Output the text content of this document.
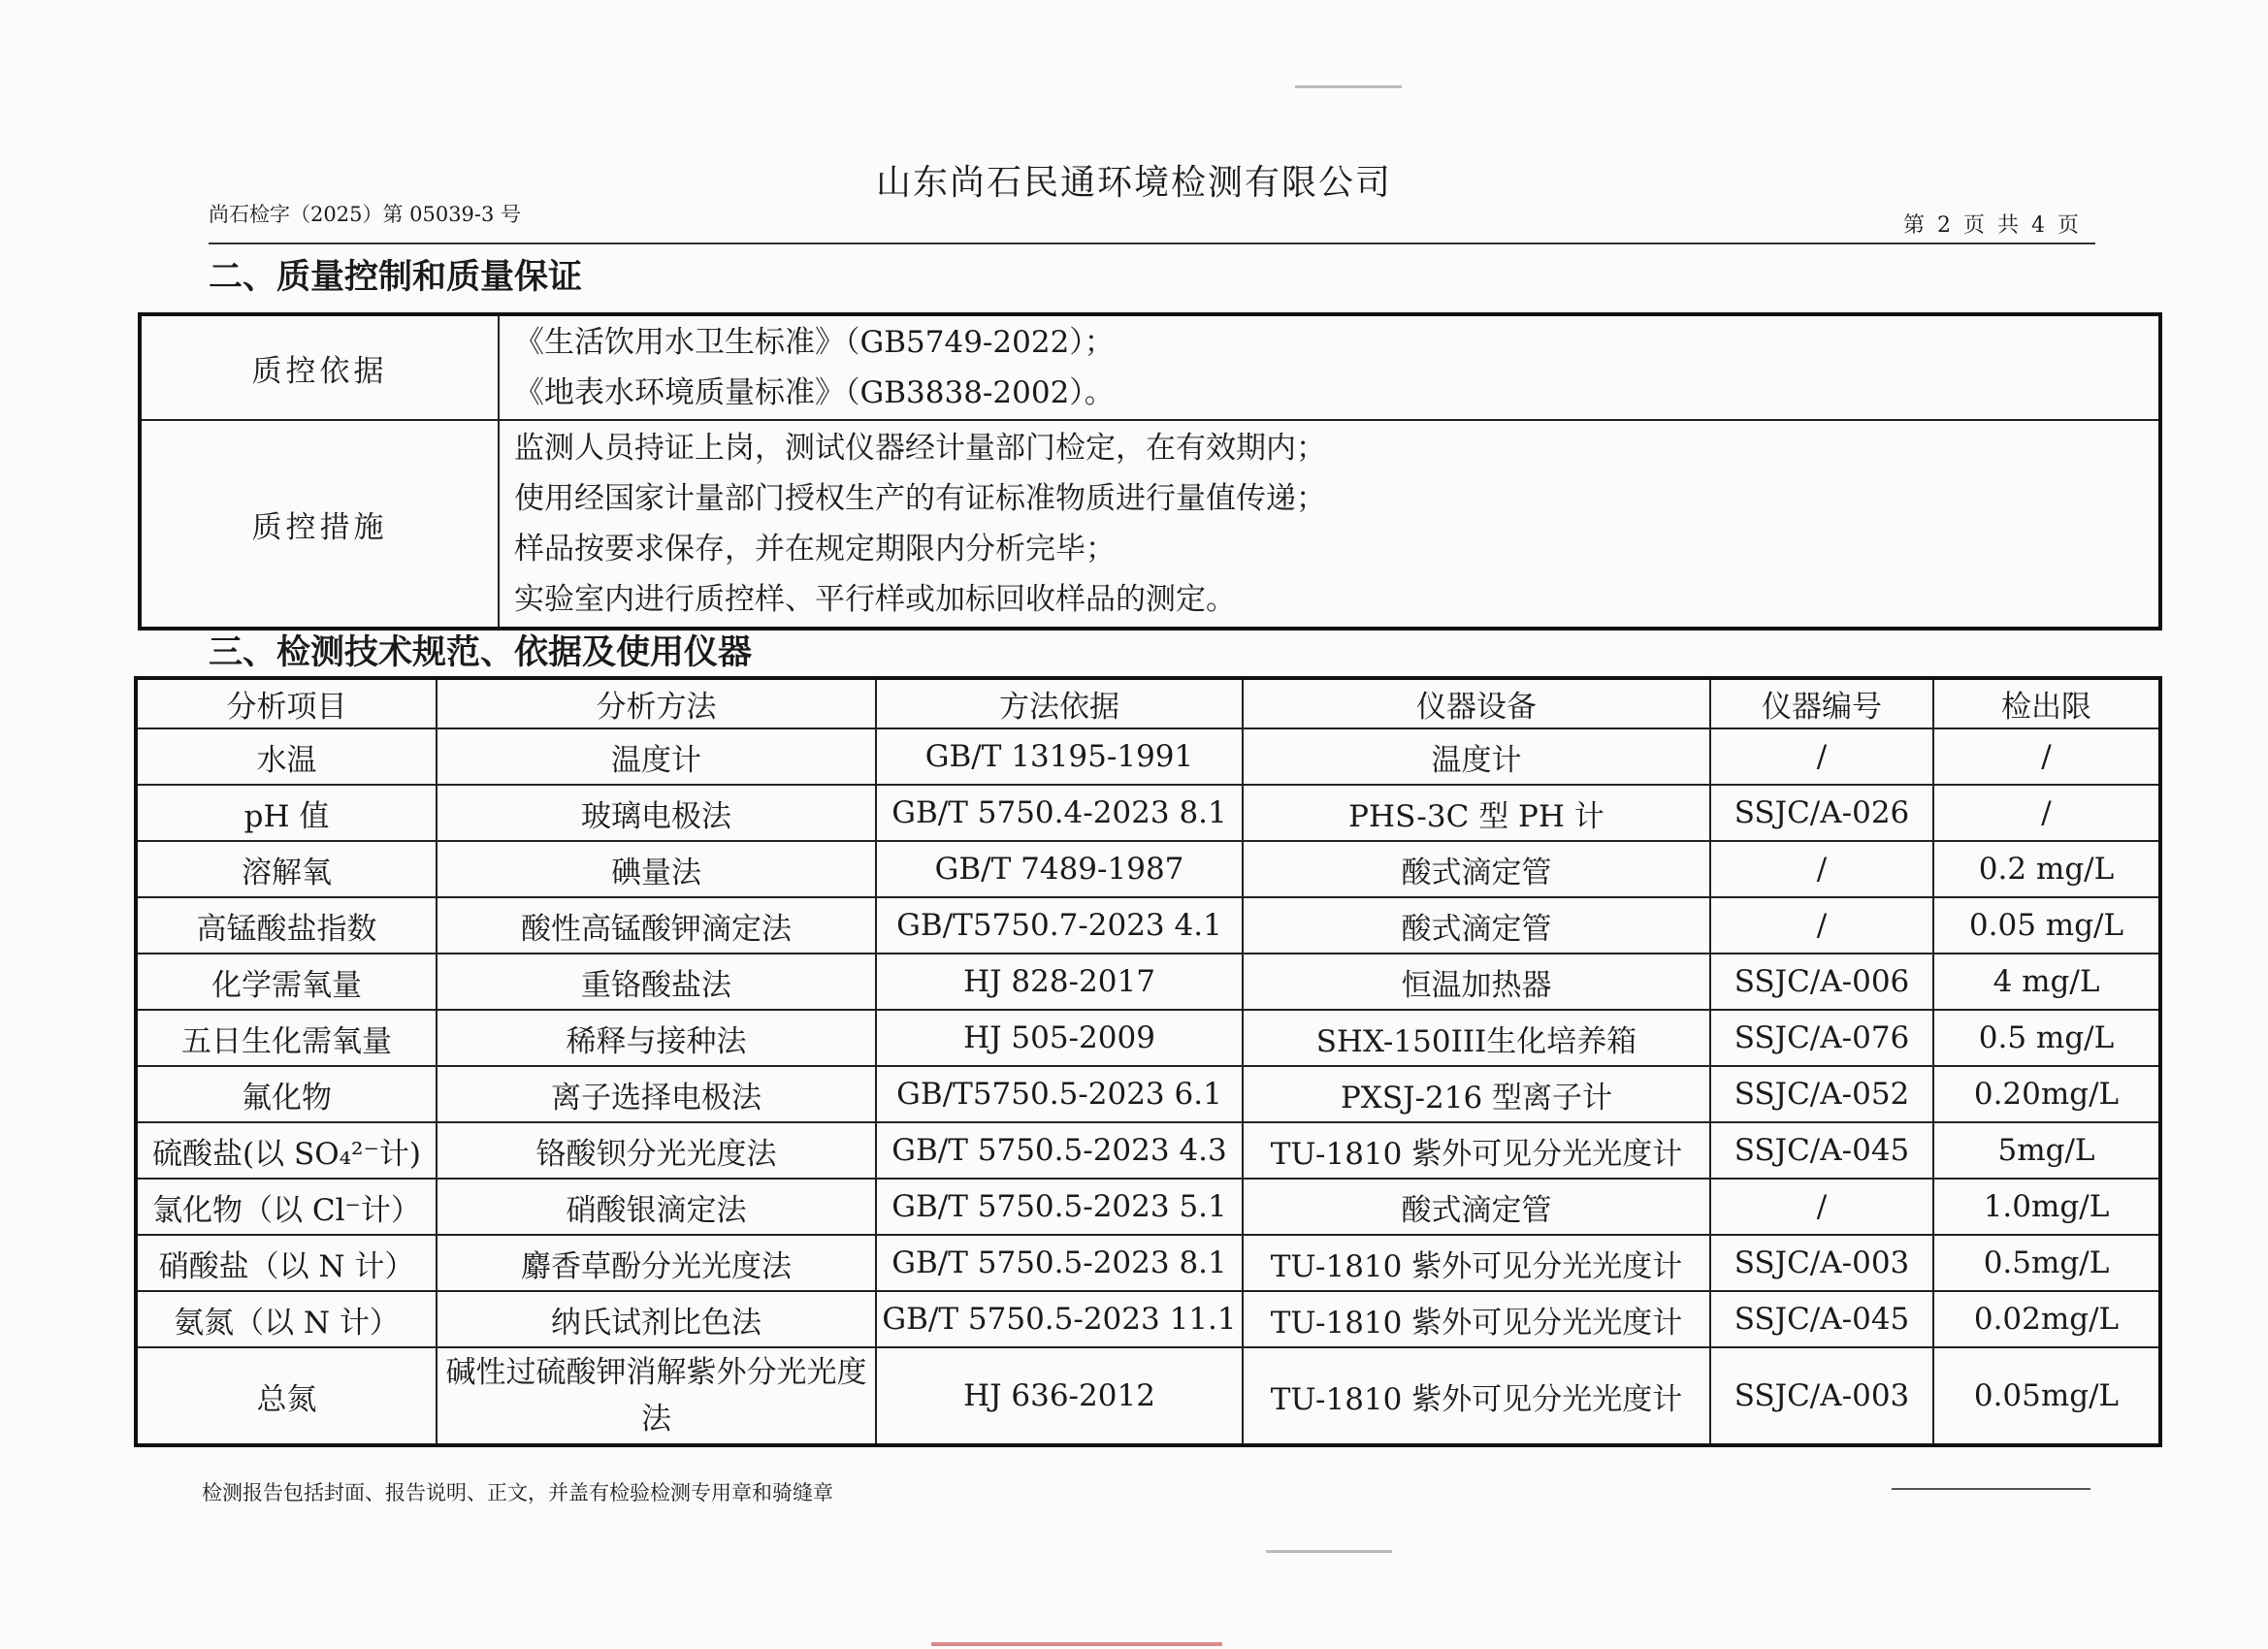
山东尚石民通环境检测有限公司
尚石检字（2025）第 05039-3 号	第 2 页 共 4 页
二、质量控制和质量保证
质控依据	《生活饮用水卫生标准》（GB5749-2022）；
《地表水环境质量标准》（GB3838-2002）。

质控措施	监测人员持证上岗，测试仪器经计量部门检定，在有效期内；
使用经国家计量部门授权生产的有证标准物质进行量值传递；
样品按要求保存，并在规定期限内分析完毕；
实验室内进行质控样、平行样或加标回收样品的测定。
三、检测技术规范、依据及使用仪器
分析项目	分析方法	方法依据	仪器设备	仪器编号	检出限
水温	温度计	GB/T 13195-1991	温度计	/	/
pH 值	玻璃电极法	GB/T 5750.4-2023 8.1	PHS-3C 型 PH 计	SSJC/A-026	/
溶解氧	碘量法	GB/T 7489-1987	酸式滴定管	/	0.2 mg/L
高锰酸盐指数	酸性高锰酸钾滴定法	GB/T5750.7-2023 4.1	酸式滴定管	/	0.05 mg/L
化学需氧量	重铬酸盐法	HJ 828-2017	恒温加热器	SSJC/A-006	4 mg/L
五日生化需氧量	稀释与接种法	HJ 505-2009	SHX-150III生化培养箱	SSJC/A-076	0.5 mg/L
氟化物	离子选择电极法	GB/T5750.5-2023 6.1	PXSJ-216 型离子计	SSJC/A-052	0.20mg/L
硫酸盐(以 SO₄²⁻计)	铬酸钡分光光度法	GB/T 5750.5-2023 4.3	TU-1810 紫外可见分光光度计	SSJC/A-045	5mg/L
氯化物（以 Cl⁻计）	硝酸银滴定法	GB/T 5750.5-2023 5.1	酸式滴定管	/	1.0mg/L
硝酸盐（以 N 计）	麝香草酚分光光度法	GB/T 5750.5-2023 8.1	TU-1810 紫外可见分光光度计	SSJC/A-003	0.5mg/L
氨氮（以 N 计）	纳氏试剂比色法	GB/T 5750.5-2023 11.1	TU-1810 紫外可见分光光度计	SSJC/A-045	0.02mg/L
总氮	碱性过硫酸钾消解紫外分光光度法	HJ 636-2012	TU-1810 紫外可见分光光度计	SSJC/A-003	0.05mg/L
检测报告包括封面、报告说明、正文，并盖有检验检测专用章和骑缝章
